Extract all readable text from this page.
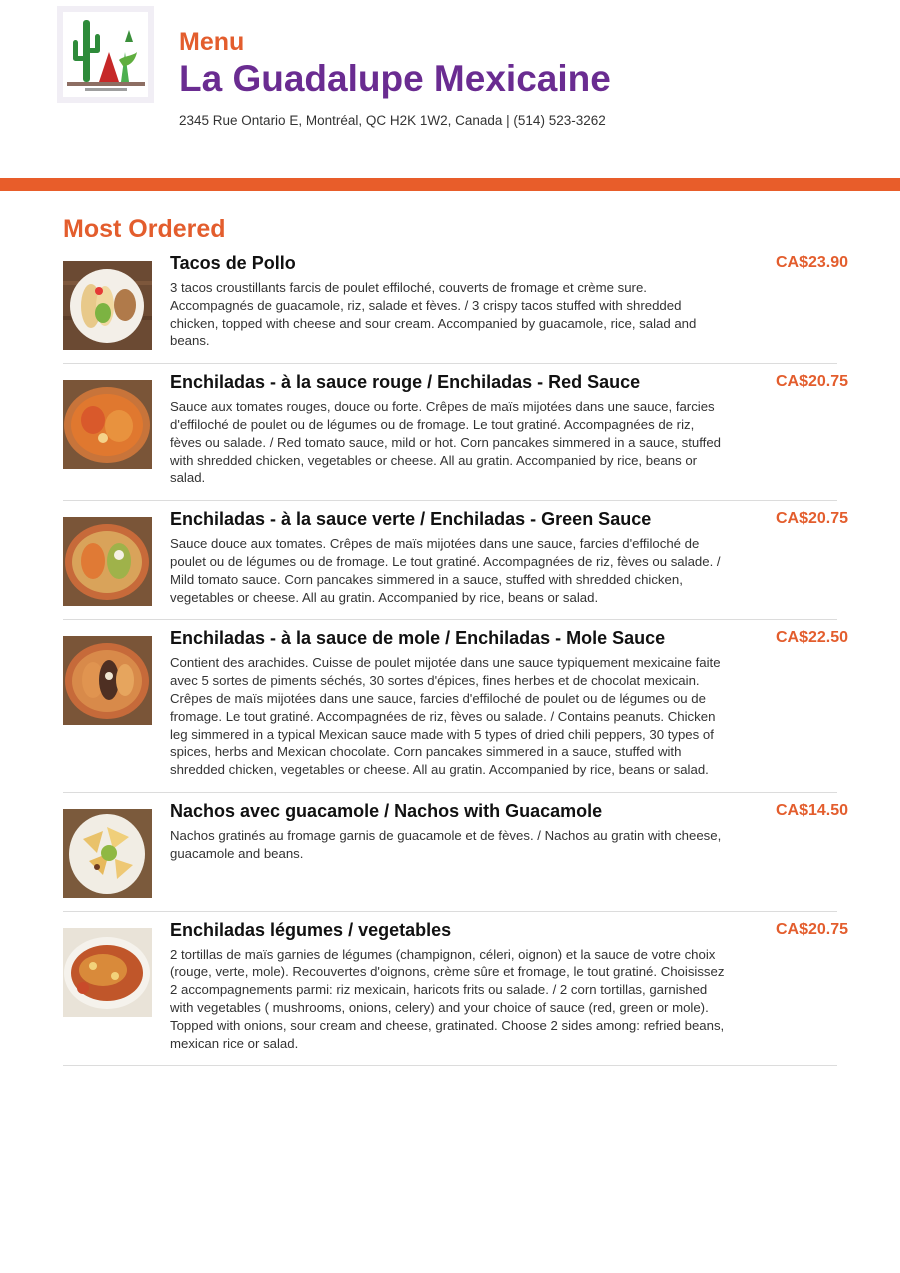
Menu
La Guadalupe Mexicaine
2345 Rue Ontario E, Montréal, QC H2K 1W2, Canada | (514) 523-3262
Most Ordered
Tacos de Pollo
3 tacos croustillants farcis de poulet effiloché, couverts de fromage et crème sure. Accompagnés de guacamole, riz, salade et fèves. / 3 crispy tacos stuffed with shredded chicken, topped with cheese and sour cream. Accompanied by guacamole, rice, salad and beans.
CA$23.90
Enchiladas - à la sauce rouge / Enchiladas - Red Sauce
Sauce aux tomates rouges, douce ou forte. Crêpes de maïs mijotées dans une sauce, farcies d'effiloché de poulet ou de légumes ou de fromage. Le tout gratiné. Accompagnées de riz, fèves ou salade. / Red tomato sauce, mild or hot. Corn pancakes simmered in a sauce, stuffed with shredded chicken, vegetables or cheese. All au gratin. Accompanied by rice, beans or salad.
CA$20.75
Enchiladas - à la sauce verte / Enchiladas - Green Sauce
Sauce douce aux tomates. Crêpes de maïs mijotées dans une sauce, farcies d'effiloché de poulet ou de légumes ou de fromage. Le tout gratiné. Accompagnées de riz, fèves ou salade. / Mild tomato sauce. Corn pancakes simmered in a sauce, stuffed with shredded chicken, vegetables or cheese. All au gratin. Accompanied by rice, beans or salad.
CA$20.75
Enchiladas - à la sauce de mole / Enchiladas - Mole Sauce
Contient des arachides. Cuisse de poulet mijotée dans une sauce typiquement mexicaine faite avec 5 sortes de piments séchés, 30 sortes d'épices, fines herbes et de chocolat mexicain. Crêpes de maïs mijotées dans une sauce, farcies d'effiloché de poulet ou de légumes ou de fromage. Le tout gratiné. Accompagnées de riz, fèves ou salade. / Contains peanuts. Chicken leg simmered in a typical Mexican sauce made with 5 types of dried chili peppers, 30 types of spices, herbs and Mexican chocolate. Corn pancakes simmered in a sauce, stuffed with shredded chicken, vegetables or cheese. All au gratin. Accompanied by rice, beans or salad.
CA$22.50
Nachos avec guacamole / Nachos with Guacamole
Nachos gratinés au fromage garnis de guacamole et de fèves. / Nachos au gratin with cheese, guacamole and beans.
CA$14.50
Enchiladas légumes / vegetables
2 tortillas de maïs garnies de légumes (champignon, céleri, oignon) et la sauce de votre choix (rouge, verte, mole). Recouvertes d'oignons, crème sûre et fromage, le tout gratiné. Choisissez 2 accompagnements parmi: riz mexicain, haricots frits ou salade. / 2 corn tortillas, garnished with vegetables ( mushrooms, onions, celery) and your choice of sauce (red, green or mole). Topped with onions, sour cream and cheese, gratinated. Choose 2 sides among: refried beans, mexican rice or salad.
CA$20.75
